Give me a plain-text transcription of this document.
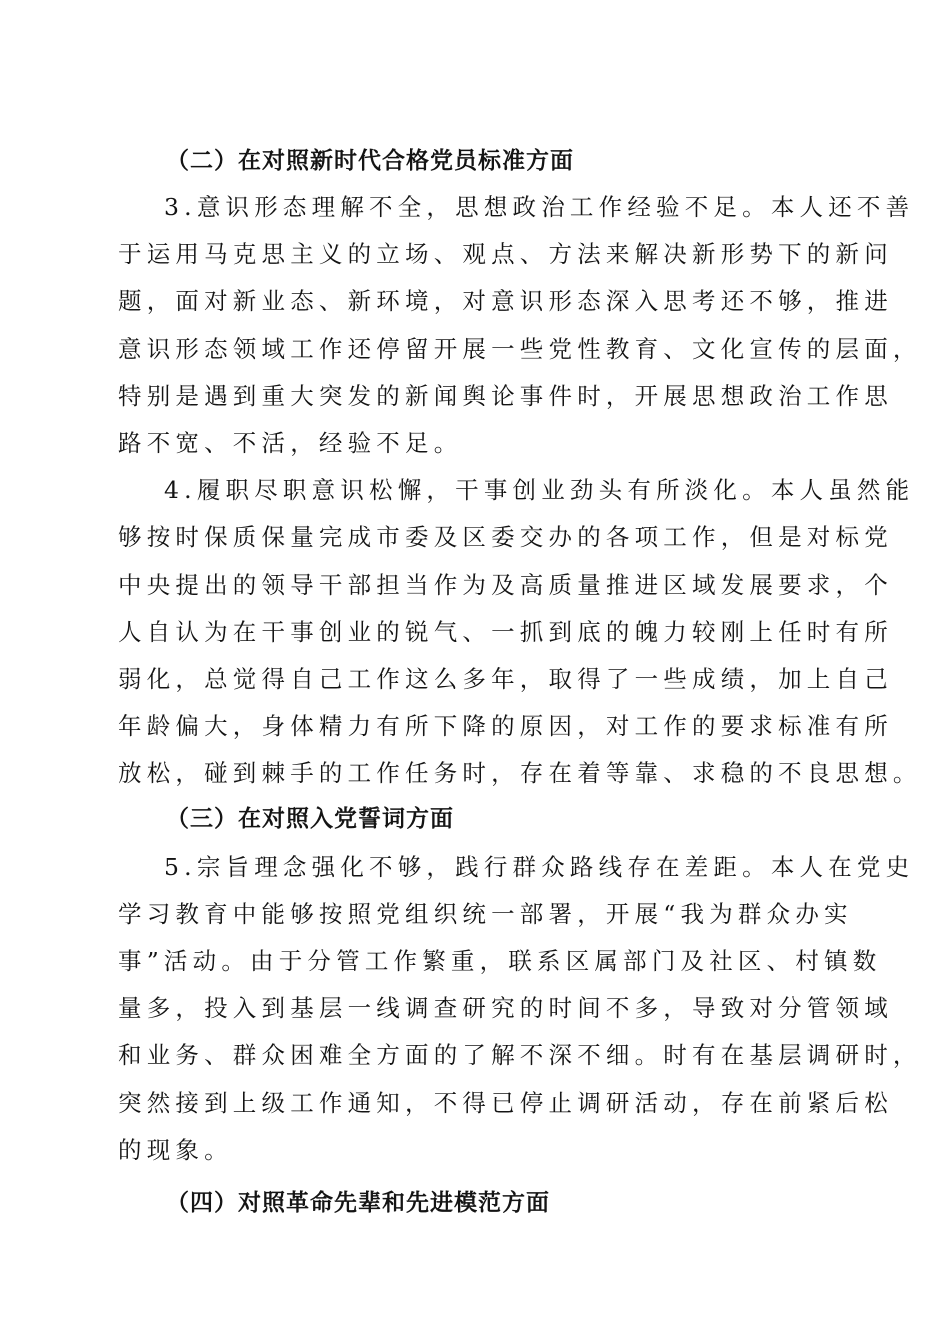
（二）在对照新时代合格党员标准方面

3.意识形态理解不全，思想政治工作经验不足。本人还不善
于运用马克思主义的立场、观点、方法来解决新形势下的新问
题，面对新业态、新环境，对意识形态深入思考还不够，推进
意识形态领域工作还停留开展一些党性教育、文化宣传的层面，
特别是遇到重大突发的新闻舆论事件时，开展思想政治工作思
路不宽、不活，经验不足。

4.履职尽职意识松懈，干事创业劲头有所淡化。本人虽然能
够按时保质保量完成市委及区委交办的各项工作，但是对标党
中央提出的领导干部担当作为及高质量推进区域发展要求，个
人自认为在干事创业的锐气、一抓到底的魄力较刚上任时有所
弱化，总觉得自己工作这么多年，取得了一些成绩，加上自己
年龄偏大，身体精力有所下降的原因，对工作的要求标准有所
放松，碰到棘手的工作任务时，存在着等靠、求稳的不良思想。

（三）在对照入党誓词方面

5.宗旨理念强化不够，践行群众路线存在差距。本人在党史
学习教育中能够按照党组织统一部署，开展“我为群众办实
事”活动。由于分管工作繁重，联系区属部门及社区、村镇数
量多，投入到基层一线调查研究的时间不多，导致对分管领域
和业务、群众困难全方面的了解不深不细。时有在基层调研时，
突然接到上级工作通知，不得已停止调研活动，存在前紧后松
的现象。

（四）对照革命先辈和先进模范方面
